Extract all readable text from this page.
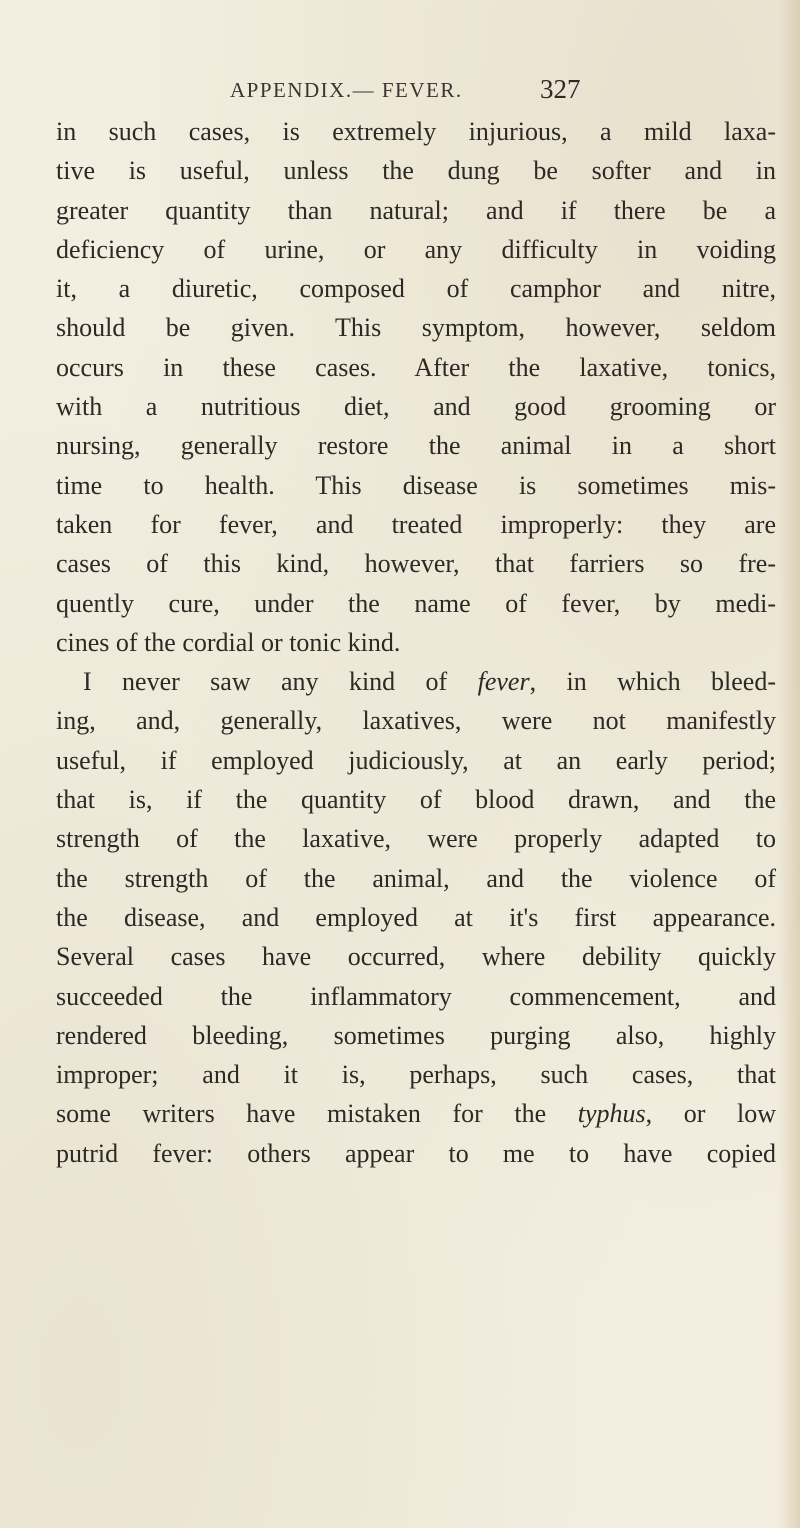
APPENDIX.— FEVER.	327
in such cases, is extremely injurious, a mild laxa-
tive is useful, unless the dung be softer and in
greater quantity than natural; and if there be a
deficiency of urine, or any difficulty in voiding
it, a diuretic, composed of camphor and nitre,
should be given. This symptom, however, seldom
occurs in these cases. After the laxative, tonics,
with a nutritious diet, and good grooming or
nursing, generally restore the animal in a short
time to health. This disease is sometimes mis-
taken for fever, and treated improperly: they are
cases of this kind, however, that farriers so fre-
quently cure, under the name of fever, by medi-
cines of the cordial or tonic kind.
I never saw any kind of fever, in which bleed-
ing, and, generally, laxatives, were not manifestly
useful, if employed judiciously, at an early period;
that is, if the quantity of blood drawn, and the
strength of the laxative, were properly adapted to
the strength of the animal, and the violence of
the disease, and employed at it's first appearance.
Several cases have occurred, where debility quickly
succeeded the inflammatory commencement, and
rendered bleeding, sometimes purging also, highly
improper; and it is, perhaps, such cases, that
some writers have mistaken for the typhus, or low
putrid fever: others appear to me to have copied
